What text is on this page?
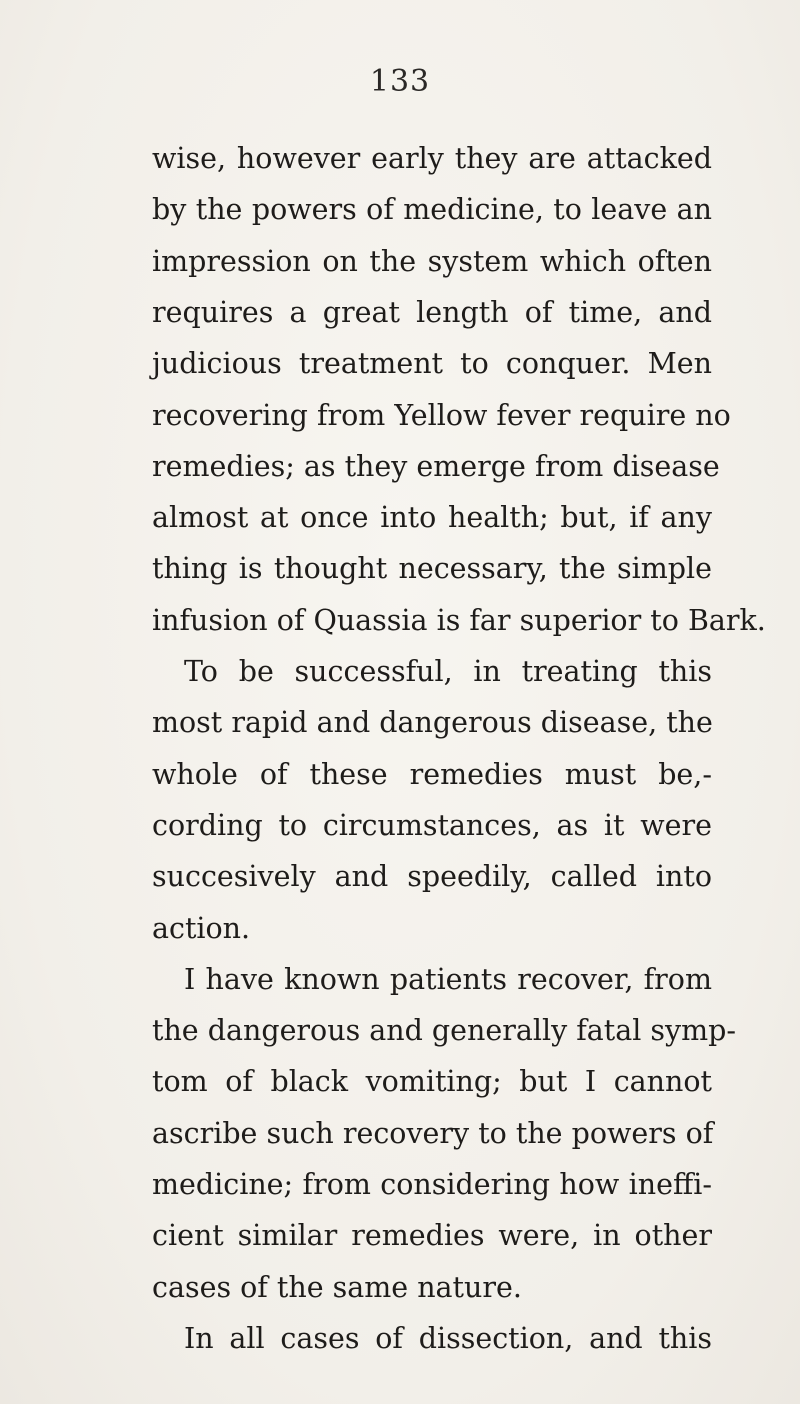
133
wise, however early they are attacked
by the powers of medicine, to leave an
impression on the system which often
requires a great length of time, and
judicious treatment to conquer. Men
recovering from Yellow fever require no
remedies; as they emerge from disease
almost at once into health; but, if any
thing is thought necessary, the simple
infusion of Quassia is far superior to Bark.
To be successful, in treating this
most rapid and dangerous disease, the
whole of these remedies must be,-
cording to circumstances, as it were
succesively and speedily, called into
action.
I have known patients recover, from
the dangerous and generally fatal symp-
tom of black vomiting; but I cannot
ascribe such recovery to the powers of
medicine; from considering how ineffi-
cient similar remedies were, in other
cases of the same nature.
In all cases of dissection, and this
